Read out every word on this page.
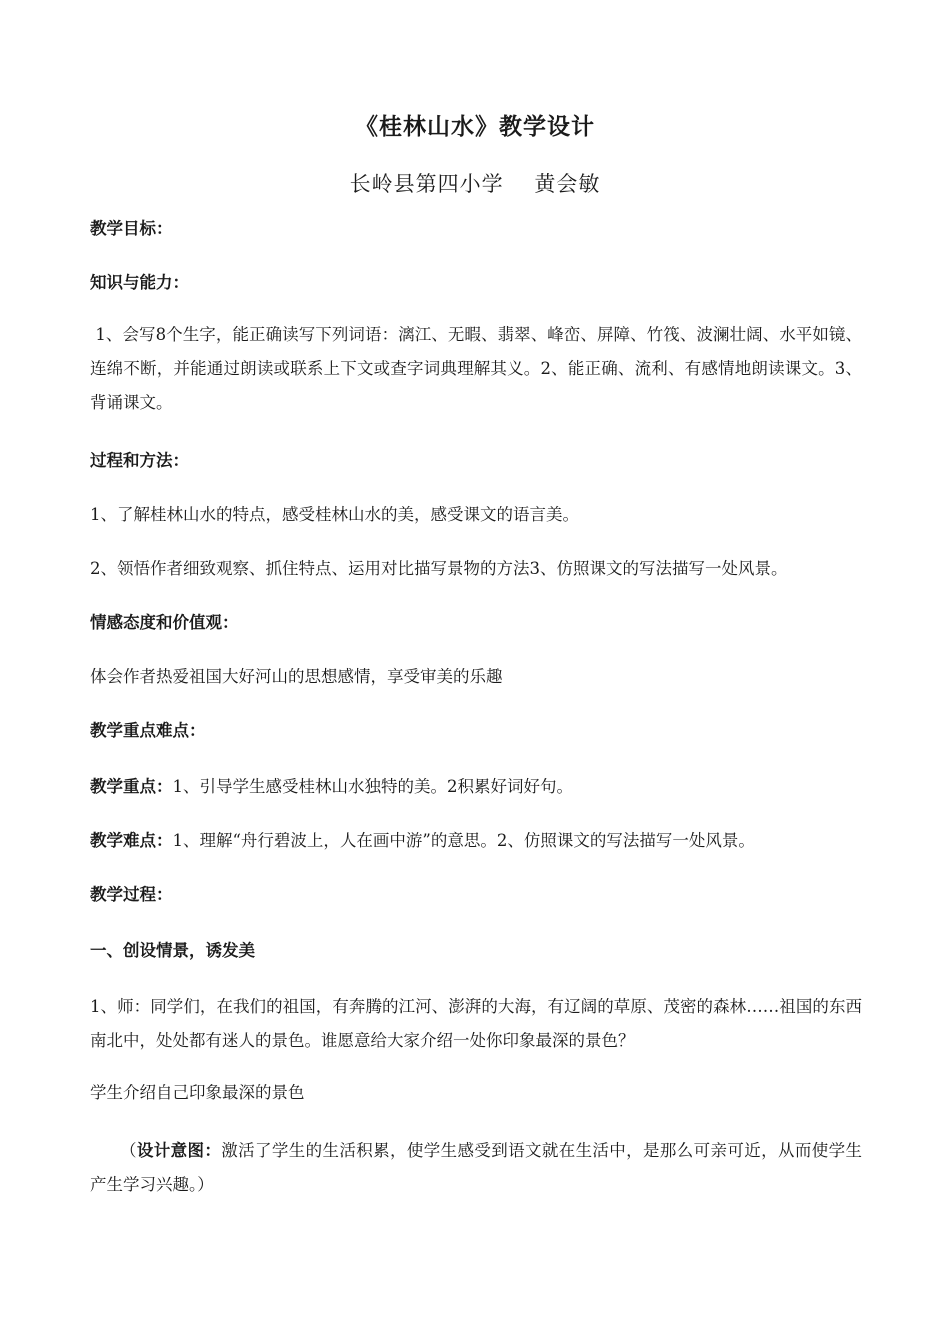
《桂林山水》教学设计
长岭县第四小学    黄会敏
教学目标：
知识与能力：
1、会写8个生字，能正确读写下列词语：漓江、无暇、翡翠、峰峦、屏障、竹筏、波澜壮阔、水平如镜、连绵不断，并能通过朗读或联系上下文或查字词典理解其义。2、能正确、流利、有感情地朗读课文。3、背诵课文。
过程和方法：
1、了解桂林山水的特点，感受桂林山水的美，感受课文的语言美。
2、领悟作者细致观察、抓住特点、运用对比描写景物的方法3、仿照课文的写法描写一处风景。
情感态度和价值观：
体会作者热爱祖国大好河山的思想感情，享受审美的乐趣
教学重点难点：
教学重点：1、引导学生感受桂林山水独特的美。2积累好词好句。
教学难点：1、理解“舟行碧波上，人在画中游”的意思。2、仿照课文的写法描写一处风景。
教学过程：
一、创设情景，诱发美
1、师：同学们，在我们的祖国，有奔腾的江河、澎湃的大海，有辽阔的草原、茂密的森林……祖国的东西南北中，处处都有迷人的景色。谁愿意给大家介绍一处你印象最深的景色？
学生介绍自己印象最深的景色
（设计意图：激活了学生的生活积累，使学生感受到语文就在生活中，是那么可亲可近，从而使学生产生学习兴趣。）
